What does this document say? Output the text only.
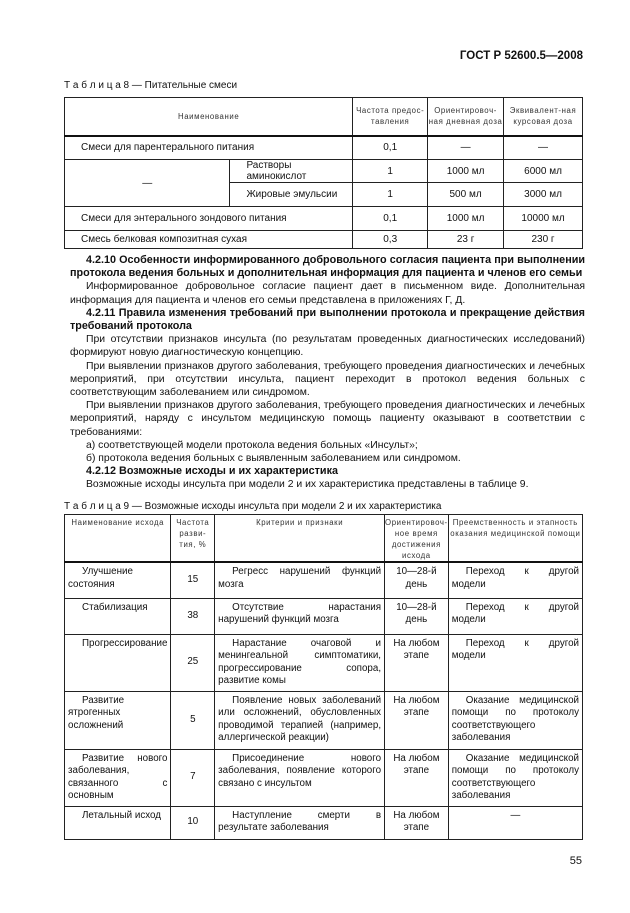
ГОСТ Р 52600.5—2008
Т а б л и ц а 8 — Питательные смеси
Наименование		Частота предос-тавления	Ориентировоч-ная дневная доза	Эквивалент-ная курсовая доза
Смеси для парентерального питания		0,1	—	—
—	Растворы аминокислот	1	1000 мл	6000 мл
	Жировые эмульсии	1	500 мл	3000 мл
Смеси для энтерального зондового питания		0,1	1000 мл	10000 мл
Смесь белковая композитная сухая		0,3	23 г	230 г

4.2.10 Особенности информированного добровольного согласия пациента при выполнении протокола ведения больных и дополнительная информация для пациента и членов его семьи

Информированное добровольное согласие пациент дает в письменном виде. Дополнительная информация для пациента и членов его семьи представлена в приложениях Г, Д.

4.2.11 Правила изменения требований при выполнении протокола и прекращение действия требований протокола

При отсутствии признаков инсульта (по результатам проведенных диагностических исследований) формируют новую диагностическую концепцию.

При выявлении признаков другого заболевания, требующего проведения диагностических и лечебных мероприятий, при отсутствии инсульта, пациент переходит в протокол ведения больных с соответствующим заболеванием или синдромом.

При выявлении признаков другого заболевания, требующего проведения диагностических и лечебных мероприятий, наряду с инсультом медицинскую помощь пациенту оказывают в соответствии с требованиями:

а) соответствующей модели протокола ведения больных «Инсульт»;

б) протокола ведения больных с выявленным заболеванием или синдромом.

4.2.12 Возможные исходы и их характеристика

Возможные исходы инсульта при модели 2 и их характеристика представлены в таблице 9.

Т а б л и ц а 9 — Возможные исходы инсульта при модели 2 и их характеристика
Наименование исхода	Частота разви-тия, %	Критерии и признаки	Ориентировоч-ное время достижения исхода	Преемственность и этапность оказания медицинской помощи
Улучшение состояния	15	Регресс нарушений функций мозга	10—28-й день	Переход к другой модели
Стабилизация	38	Отсутствие нарастания нарушений функций мозга	10—28-й день	Переход к другой модели
Прогрессирование	25	Нарастание очаговой и менингеальной симптоматики, прогрессирование сопора, развитие комы	На любом этапе	Переход к другой модели
Развитие ятрогенных осложнений	5	Появление новых заболеваний или осложнений, обусловленных проводимой терапией (например, аллергической реакции)	На любом этапе	Оказание медицинской помощи по протоколу соответствующего заболевания
Развитие нового заболевания, связанного с основным	7	Присоединение нового заболевания, появление которого связано с инсультом	На любом этапе	Оказание медицинской помощи по протоколу соответствующего заболевания
Летальный исход	10	Наступление смерти в результате заболевания	На любом этапе	—
55
